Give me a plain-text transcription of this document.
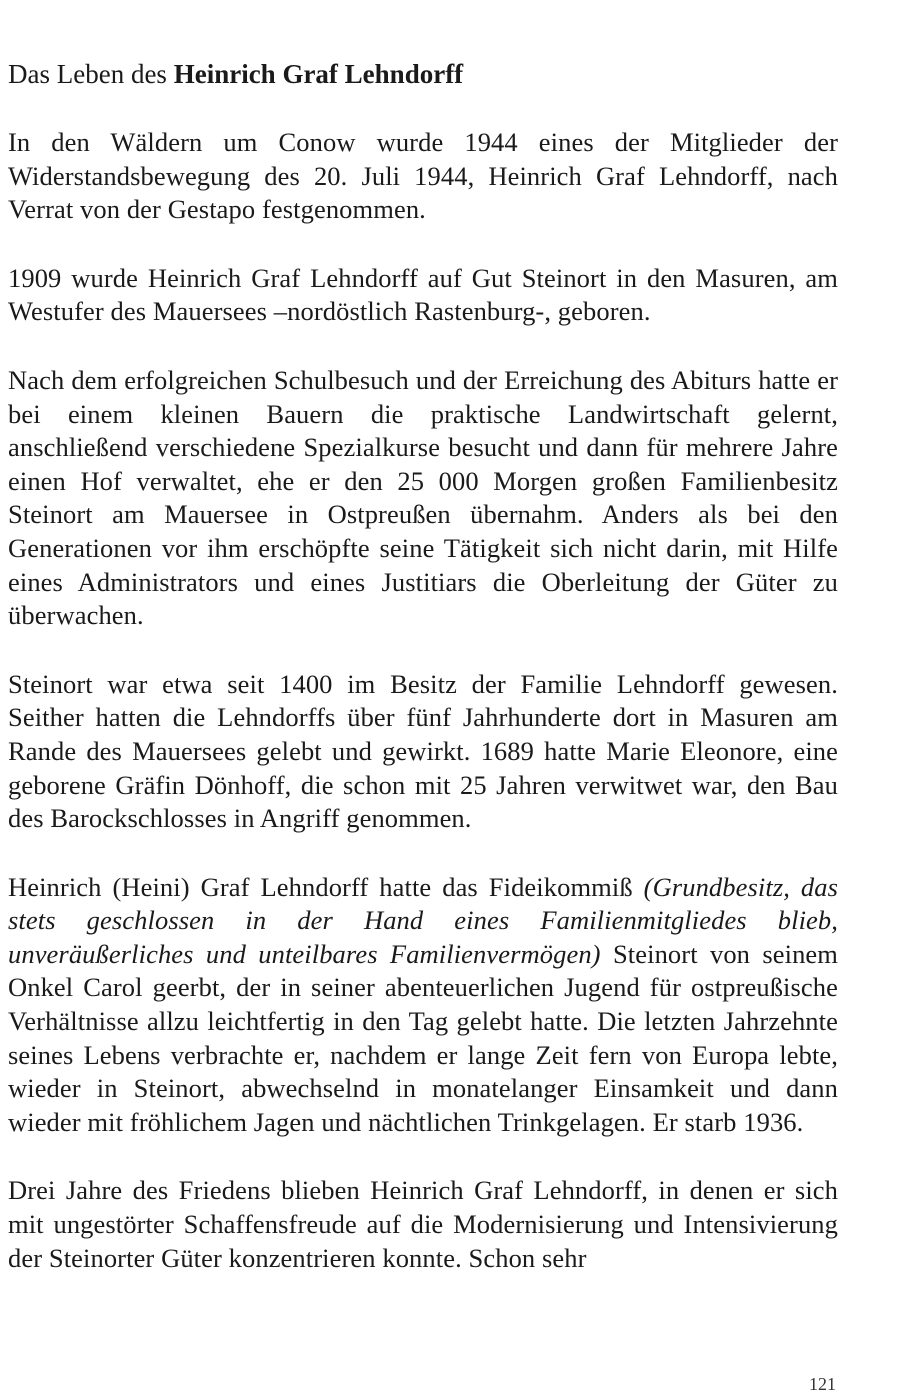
Das Leben des Heinrich Graf Lehndorff

In den Wäldern um Conow wurde 1944 eines der Mitglieder der Widerstandsbewegung des 20. Juli 1944, Heinrich Graf Lehndorff, nach Verrat von der Gestapo festgenommen.

1909 wurde Heinrich Graf Lehndorff auf Gut Steinort in den Masuren, am Westufer des Mauersees –nordöstlich Rastenburg-, geboren.

Nach dem erfolgreichen Schulbesuch und der Erreichung des Abiturs hatte er bei einem kleinen Bauern die praktische Landwirtschaft gelernt, anschließend verschiedene Spezialkurse besucht und dann für mehrere Jahre einen Hof verwaltet, ehe er den 25 000 Morgen großen Familienbesitz Steinort am Mauersee in Ostpreußen übernahm. Anders als bei den Generationen vor ihm erschöpfte seine Tätigkeit sich nicht darin, mit Hilfe eines Administrators und eines Justitiars die Oberleitung der Güter zu überwachen.

Steinort war etwa seit 1400 im Besitz der Familie Lehndorff gewesen. Seither hatten die Lehndorffs über fünf Jahrhunderte dort in Masuren am Rande des Mauersees gelebt und gewirkt. 1689 hatte Marie Eleonore, eine geborene Gräfin Dönhoff, die schon mit 25 Jahren verwitwet war, den Bau des Barockschlosses in Angriff genommen.

Heinrich (Heini) Graf Lehndorff hatte das Fideikommiß (Grundbesitz, das stets geschlossen in der Hand eines Familienmitgliedes blieb, unveräußerliches und unteilbares Familienvermögen) Steinort von seinem Onkel Carol geerbt, der in seiner abenteuerlichen Jugend für ostpreußische Verhältnisse allzu leichtfertig in den Tag gelebt hatte. Die letzten Jahrzehnte seines Lebens verbrachte er, nachdem er lange Zeit fern von Europa lebte, wieder in Steinort, abwechselnd in monatelanger Einsamkeit und dann wieder mit fröhlichem Jagen und nächtlichen Trinkgelagen. Er starb 1936.

Drei Jahre des Friedens blieben Heinrich Graf Lehndorff, in denen er sich mit ungestörter Schaffensfreude auf die Modernisierung und Intensivierung der Steinorter Güter konzentrieren konnte. Schon sehr

121
